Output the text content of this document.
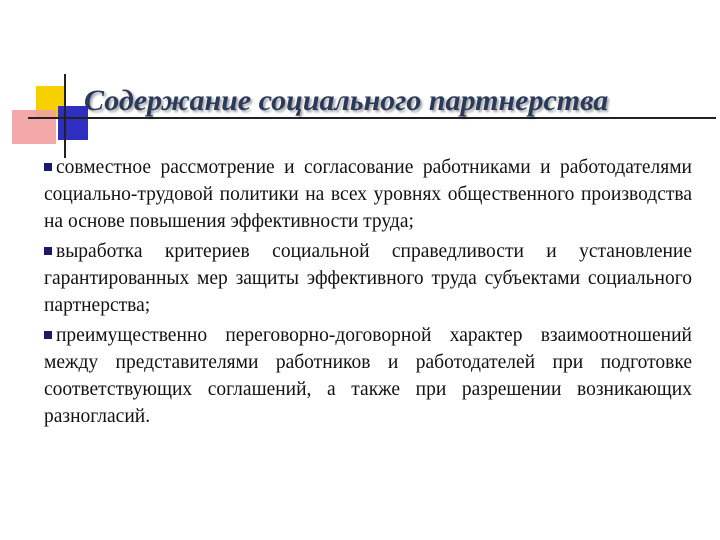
Содержание социального партнерства

совместное рассмотрение и согласование работниками и работодателями социально-трудовой политики на всех уровнях общественного производства на основе повышения эффективности труда;

выработка критериев социальной справедливости и установление гарантированных мер защиты эффективного труда субъектами социального партнерства;

преимущественно переговорно-договорной характер взаимоотношений между представителями работников и работодателей при подготовке соответствующих соглашений, а также при разрешении возникающих разногласий.
